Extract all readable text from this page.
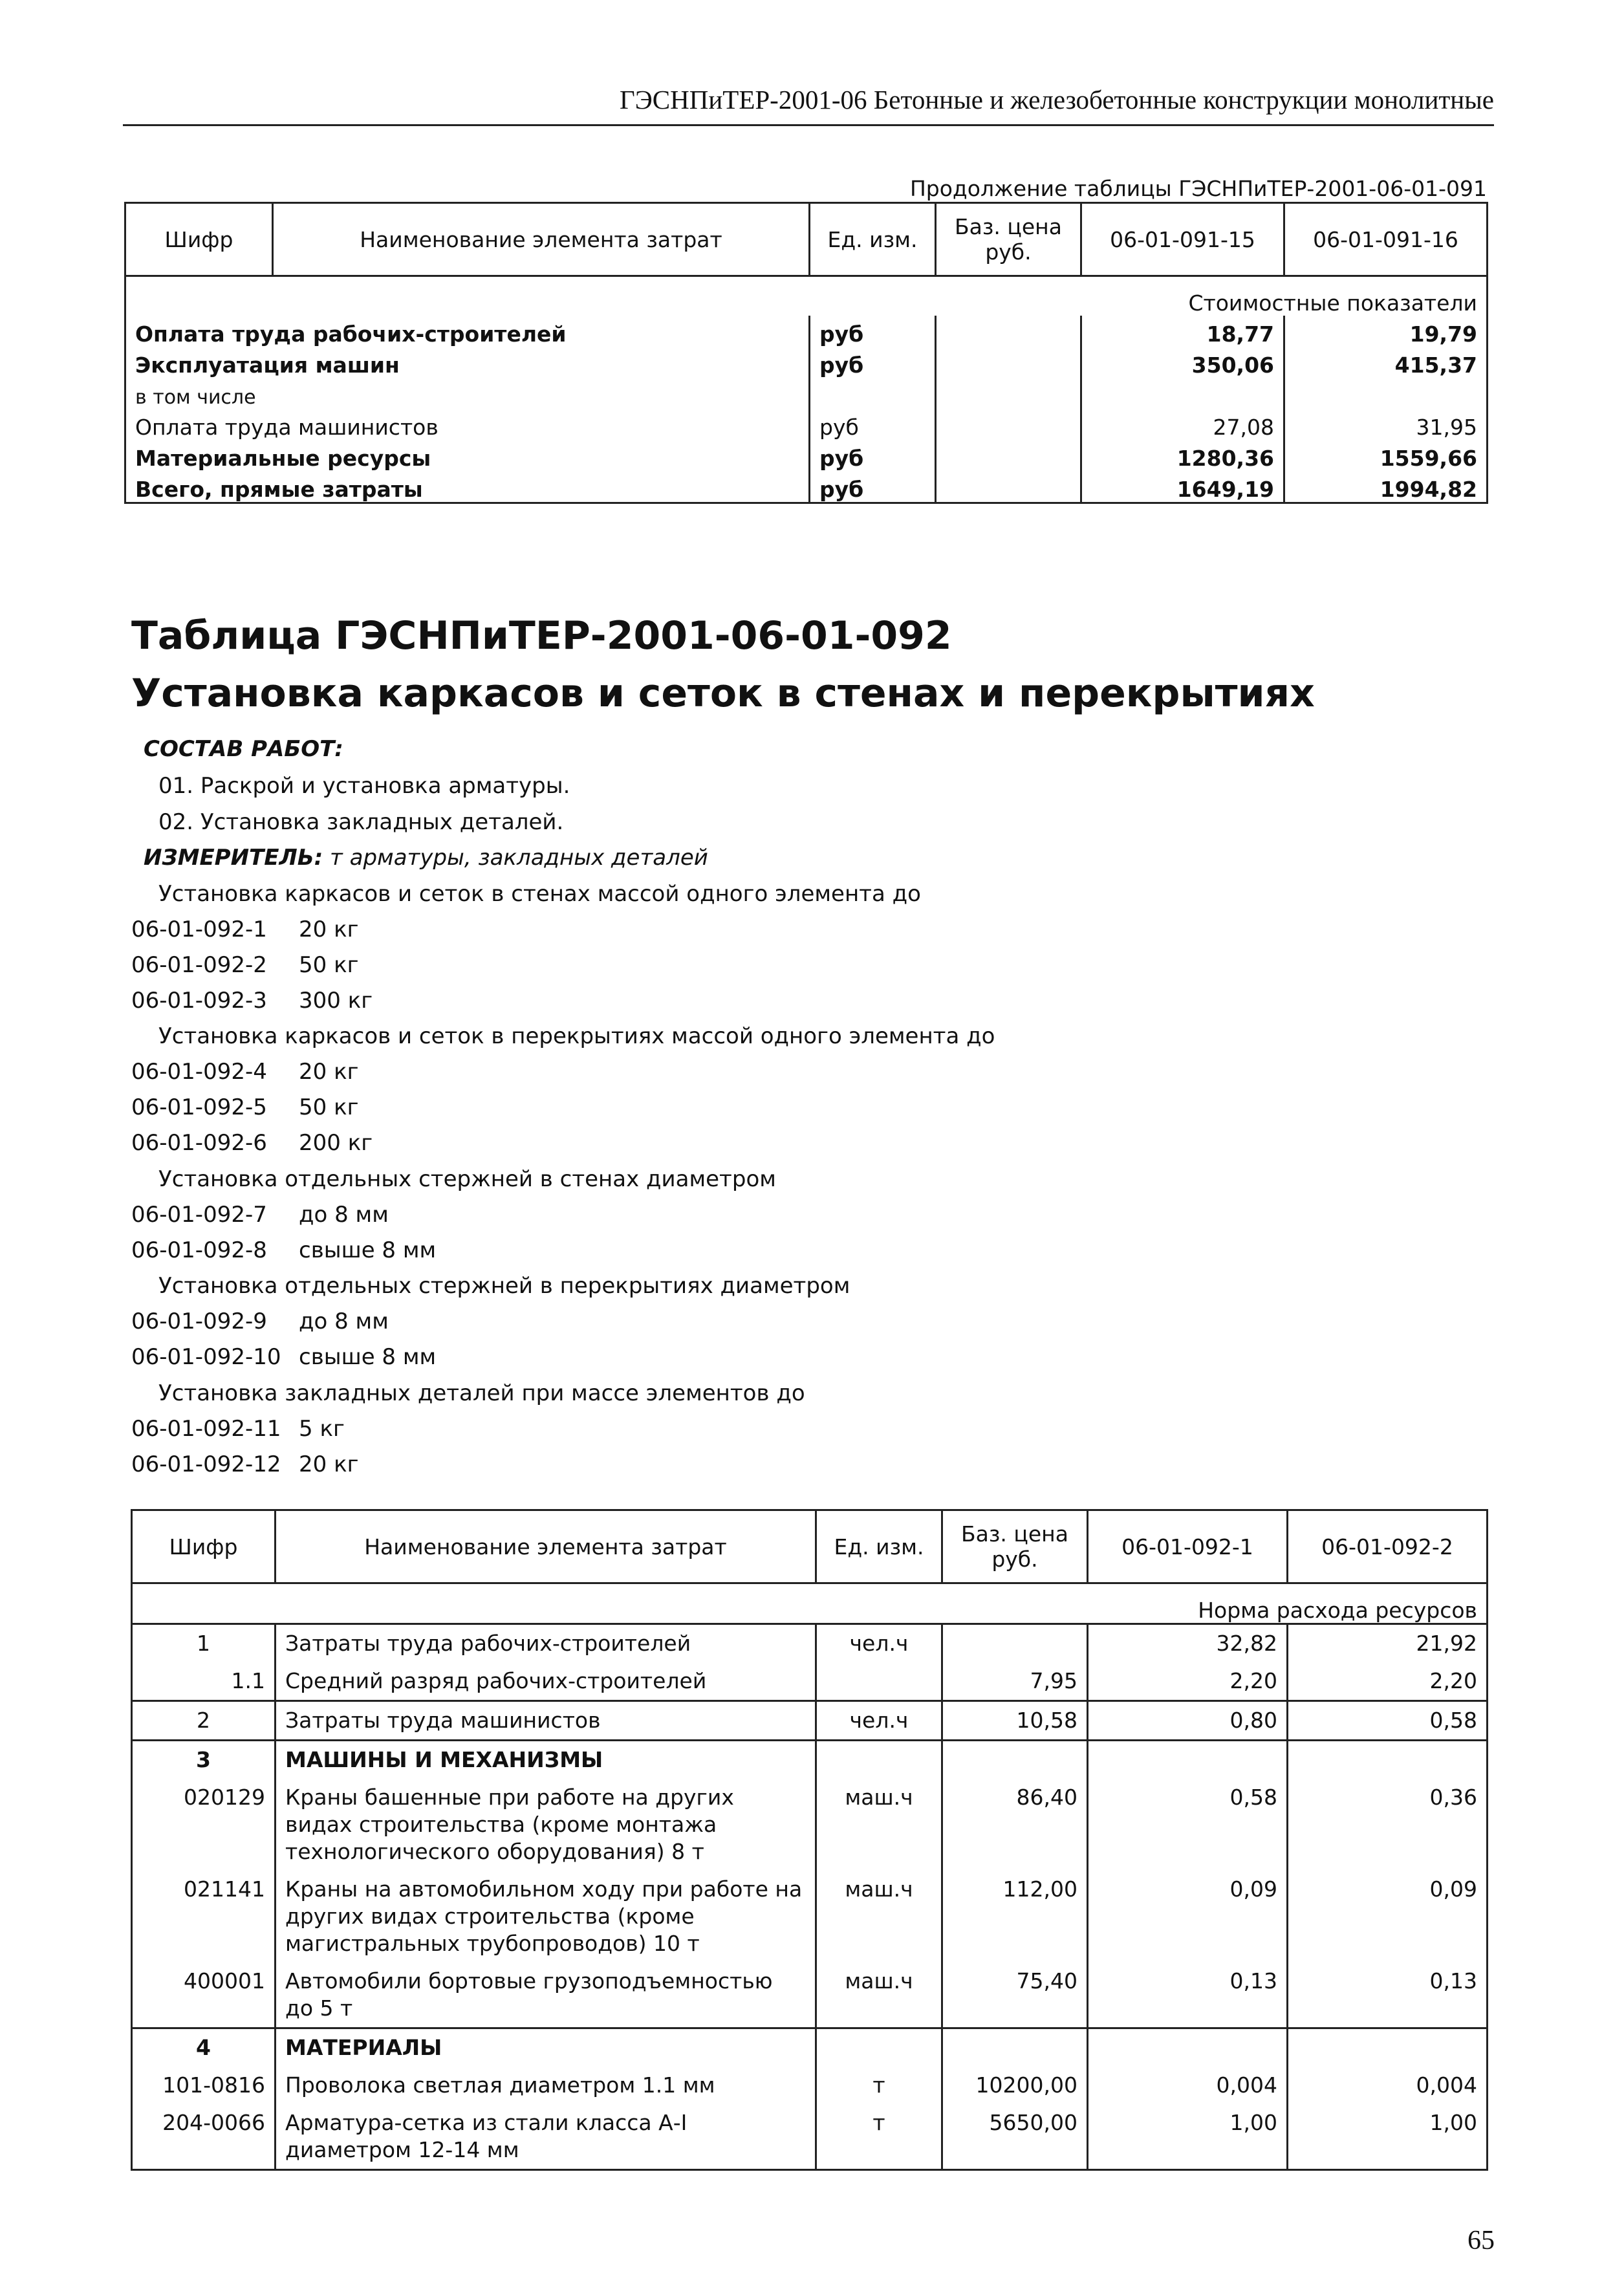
ГЭСНПиТЕР-2001-06 Бетонные и железобетонные конструкции монолитные
Продолжение таблицы ГЭСНПиТЕР-2001-06-01-091
Шифр	Наименование элемента затрат	Ед. изм.	Баз. цена руб.	06-01-091-15	06-01-091-16
Стоимостные показатели					
Оплата труда рабочих-строителей		руб		18,77	19,79
Эксплуатация машин		руб		350,06	415,37
в том числе					
Оплата труда машинистов		руб		27,08	31,95
Материальные ресурсы		руб		1280,36	1559,66
Всего, прямые затраты		руб		1649,19	1994,82
Таблица ГЭСНПиТЕР-2001-06-01-092
Установка каркасов и сеток в стенах и перекрытиях
СОСТАВ РАБОТ:
01. Раскрой и установка арматуры.
02. Установка закладных деталей.
ИЗМЕРИТЕЛЬ: т арматуры, закладных деталей
Установка каркасов и сеток в стенах массой одного элемента до
06-01-092-1 20 кг
06-01-092-2 50 кг
06-01-092-3 300 кг
Установка каркасов и сеток в перекрытиях массой одного элемента до
06-01-092-4 20 кг
06-01-092-5 50 кг
06-01-092-6 200 кг
Установка отдельных стержней в стенах диаметром
06-01-092-7 до 8 мм
06-01-092-8 свыше 8 мм
Установка отдельных стержней в перекрытиях диаметром
06-01-092-9 до 8 мм
06-01-092-10 свыше 8 мм
Установка закладных деталей при массе элементов до
06-01-092-11 5 кг
06-01-092-12 20 кг
Шифр	Наименование элемента затрат	Ед. изм.	Баз. цена руб.	06-01-092-1	06-01-092-2
Норма расхода ресурсов					
1	Затраты труда рабочих-строителей	чел.ч		32,82	21,92
1.1	Средний разряд рабочих-строителей		7,95	2,20	2,20
2	Затраты труда машинистов	чел.ч	10,58	0,80	0,58
3	МАШИНЫ И МЕХАНИЗМЫ				
020129	Краны башенные при работе на других видах строительства (кроме монтажа технологического оборудования) 8 т	маш.ч	86,40	0,58	0,36
021141	Краны на автомобильном ходу при работе на других видах строительства (кроме магистральных трубопроводов) 10 т	маш.ч	112,00	0,09	0,09
400001	Автомобили бортовые грузоподъемностью до 5 т	маш.ч	75,40	0,13	0,13
4	МАТЕРИАЛЫ				
101-0816	Проволока светлая диаметром 1.1 мм	т	10200,00	0,004	0,004
204-0066	Арматура-сетка из стали класса А-I диаметром 12-14 мм	т	5650,00	1,00	1,00
65
